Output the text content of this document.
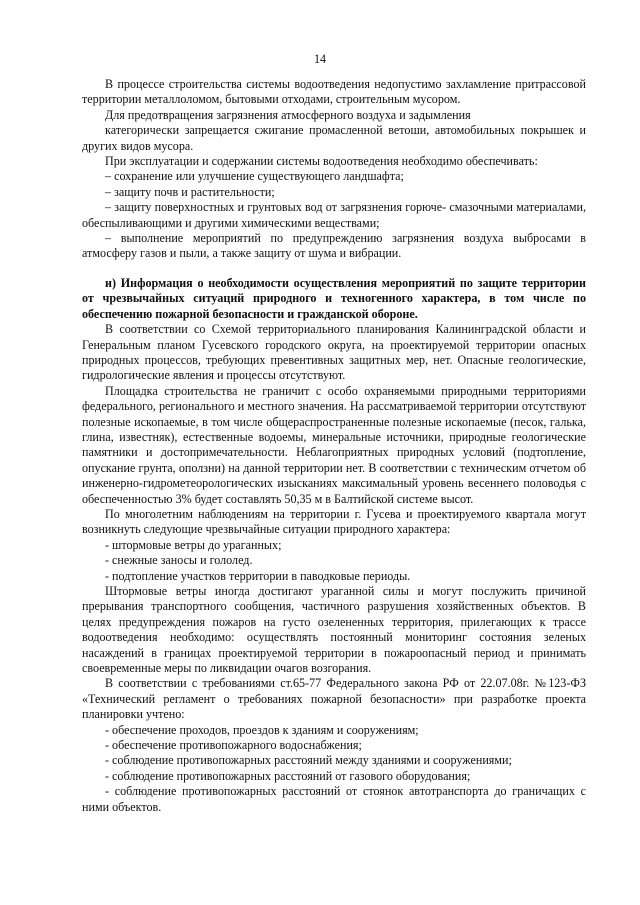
14

В процессе строительства системы водоотведения недопустимо захламление притрассовой территории металлоломом, бытовыми отходами, строительным мусором.

Для предотвращения загрязнения атмосферного воздуха и задымления

категорически запрещается сжигание промасленной ветоши, автомобильных покрышек и других видов мусора.

При эксплуатации и содержании системы водоотведения необходимо обеспечивать:

– сохранение или улучшение существующего ландшафта;

– защиту почв и растительности;

– защиту поверхностных и грунтовых вод от загрязнения горюче- смазочными материалами, обеспыливающими и другими химическими веществами;

– выполнение мероприятий по предупреждению загрязнения воздуха выбросами в атмосферу газов и пыли, а также защиту от шума и вибрации.

и) Информация о необходимости осуществления мероприятий по защите территории от чрезвычайных ситуаций природного и техногенного характера, в том числе по обеспечению пожарной безопасности и гражданской обороне.

В соответствии со Схемой территориального планирования Калининградской области и Генеральным планом Гусевского городского округа, на проектируемой территории опасных природных процессов, требующих превентивных защитных мер, нет. Опасные геологические, гидрологические явления и процессы отсутствуют.

Площадка строительства не граничит с особо охраняемыми природными территориями федерального, регионального и местного значения. На рассматриваемой территории отсутствуют полезные ископаемые, в том числе общераспространенные полезные ископаемые (песок, галька, глина, известняк), естественные водоемы, минеральные источники, природные геологические памятники и достопримечательности. Неблагоприятных природных условий (подтопление, опускание грунта, оползни) на данной территории нет. В соответствии с техническим отчетом об инженерно-гидрометеорологических изысканиях максимальный уровень весеннего половодья с обеспеченностью 3% будет составлять 50,35 м в Балтийской системе высот.

По многолетним наблюдениям на территории г. Гусева и проектируемого квартала могут возникнуть следующие чрезвычайные ситуации природного характера:

- штормовые ветры до ураганных;

- снежные заносы и гололед.

- подтопление участков территории в паводковые периоды.

Штормовые ветры иногда достигают ураганной силы и могут послужить причиной прерывания транспортного сообщения, частичного разрушения хозяйственных объектов. В целях предупреждения пожаров на густо озелененных территория, прилегающих к трассе водоотведения необходимо: осуществлять постоянный мониторинг состояния зеленых насаждений в границах проектируемой территории в пожароопасный период и принимать своевременные меры по ликвидации очагов возгорания.

В соответствии с требованиями ст.65-77 Федерального закона РФ от 22.07.08г. №123-ФЗ «Технический регламент о требованиях пожарной безопасности» при разработке проекта планировки учтено:

- обеспечение проходов, проездов к зданиям и сооружениям;

- обеспечение противопожарного водоснабжения;

- соблюдение противопожарных расстояний между зданиями и сооружениями;

- соблюдение противопожарных расстояний от газового оборудования;

- соблюдение противопожарных расстояний от стоянок автотранспорта до граничащих с ними объектов.
